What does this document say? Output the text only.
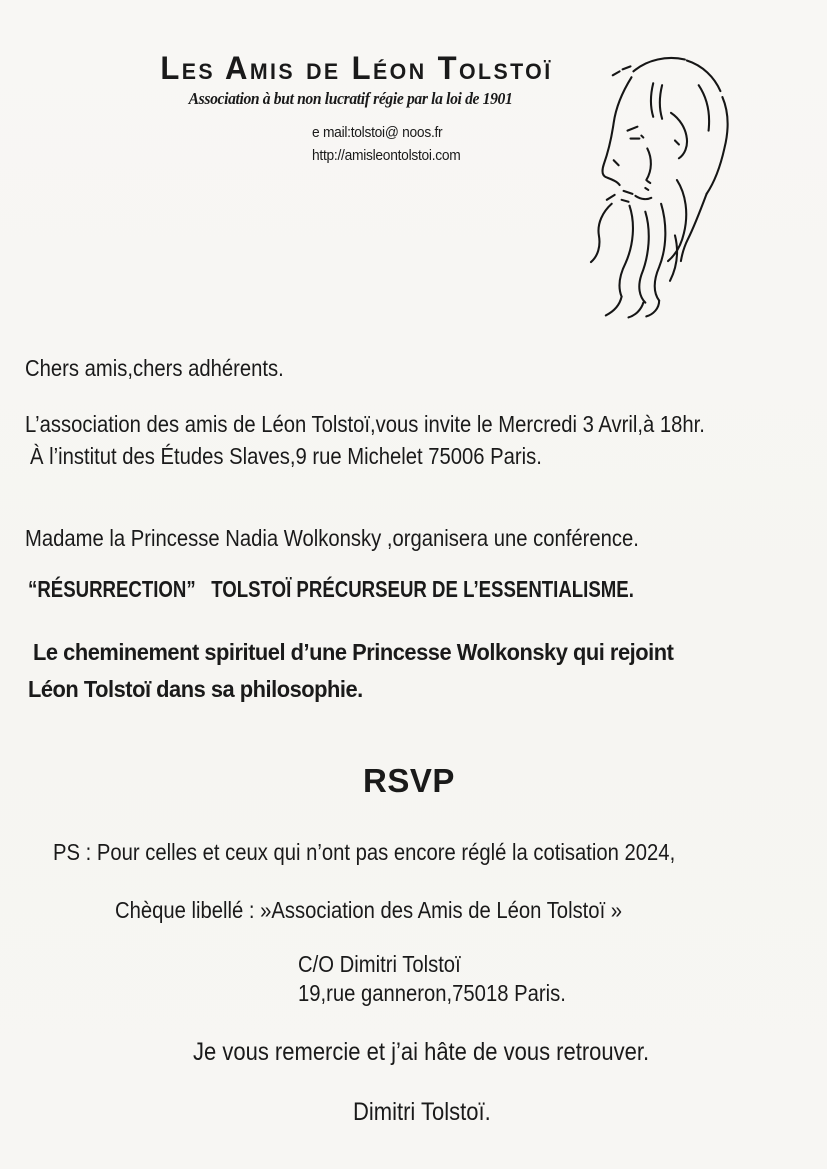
Les Amis de Léon Tolstoï
Association à but non lucratif régie par la loi de 1901
e mail:tolstoi@ noos.fr
http://amisleontolstoi.com
Chers amis,chers adhérents.
L’association des amis de Léon Tolstoï,vous invite le Mercredi 3 Avril,à 18hr.
À l’institut des Études Slaves,9 rue Michelet 75006 Paris.
Madame la Princesse Nadia Wolkonsky ,organisera une conférence.
“RÉSURRECTION”   TOLSTOÏ PRÉCURSEUR DE L’ESSENTIALISME.
Le cheminement spirituel d’une Princesse Wolkonsky qui rejoint
Léon Tolstoï dans sa philosophie.
RSVP
PS : Pour celles et ceux qui n’ont pas encore réglé la cotisation 2024,
Chèque libellé : »Association des Amis de Léon Tolstoï »
C/O Dimitri Tolstoï
19,rue ganneron,75018 Paris.
Je vous remercie et j’ai hâte de vous retrouver.
Dimitri Tolstoï.
